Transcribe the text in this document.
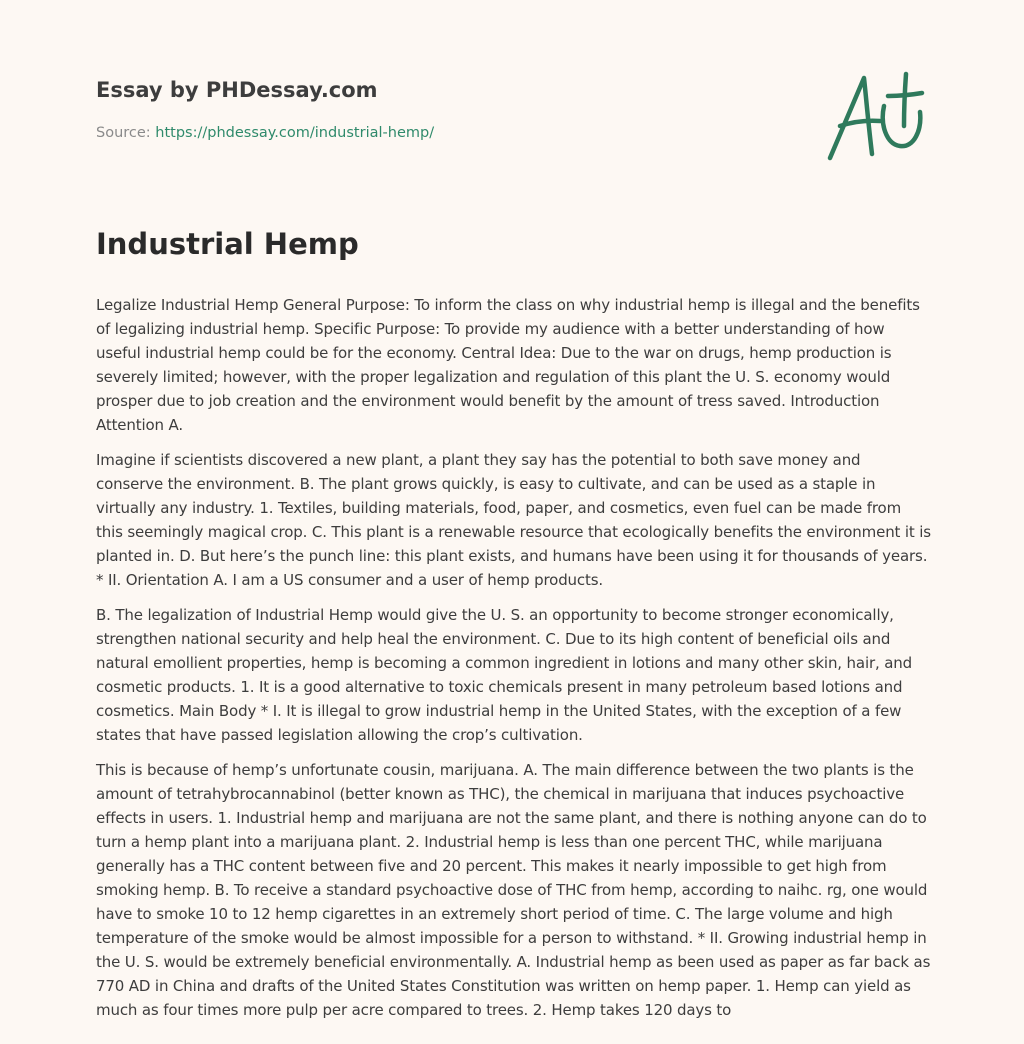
Essay by PHDessay.com
Source: https://phdessay.com/industrial-hemp/
Industrial Hemp

Legalize Industrial Hemp General Purpose: To inform the class on why industrial hemp is illegal and the benefits of legalizing industrial hemp. Specific Purpose: To provide my audience with a better understanding of how useful industrial hemp could be for the economy. Central Idea: Due to the war on drugs, hemp production is severely limited; however, with the proper legalization and regulation of this plant the U. S. economy would prosper due to job creation and the environment would benefit by the amount of tress saved. Introduction Attention A.

Imagine if scientists discovered a new plant, a plant they say has the potential to both save money and conserve the environment. B. The plant grows quickly, is easy to cultivate, and can be used as a staple in virtually any industry. 1. Textiles, building materials, food, paper, and cosmetics, even fuel can be made from this seemingly magical crop. C. This plant is a renewable resource that ecologically benefits the environment it is planted in. D. But here’s the punch line: this plant exists, and humans have been using it for thousands of years. * II. Orientation A. I am a US consumer and a user of hemp products.

B. The legalization of Industrial Hemp would give the U. S. an opportunity to become stronger economically, strengthen national security and help heal the environment. C. Due to its high content of beneficial oils and natural emollient properties, hemp is becoming a common ingredient in lotions and many other skin, hair, and cosmetic products. 1. It is a good alternative to toxic chemicals present in many petroleum based lotions and cosmetics. Main Body * I. It is illegal to grow industrial hemp in the United States, with the exception of a few states that have passed legislation allowing the crop’s cultivation.

This is because of hemp’s unfortunate cousin, marijuana. A. The main difference between the two plants is the amount of tetrahybrocannabinol (better known as THC), the chemical in marijuana that induces psychoactive effects in users. 1. Industrial hemp and marijuana are not the same plant, and there is nothing anyone can do to turn a hemp plant into a marijuana plant. 2. Industrial hemp is less than one percent THC, while marijuana generally has a THC content between five and 20 percent. This makes it nearly impossible to get high from smoking hemp. B. To receive a standard psychoactive dose of THC from hemp, according to naihc. rg, one would have to smoke 10 to 12 hemp cigarettes in an extremely short period of time. C. The large volume and high temperature of the smoke would be almost impossible for a person to withstand. * II. Growing industrial hemp in the U. S. would be extremely beneficial environmentally. A. Industrial hemp as been used as paper as far back as 770 AD in China and drafts of the United States Constitution was written on hemp paper. 1. Hemp can yield as much as four times more pulp per acre compared to trees. 2. Hemp takes 120 days to
